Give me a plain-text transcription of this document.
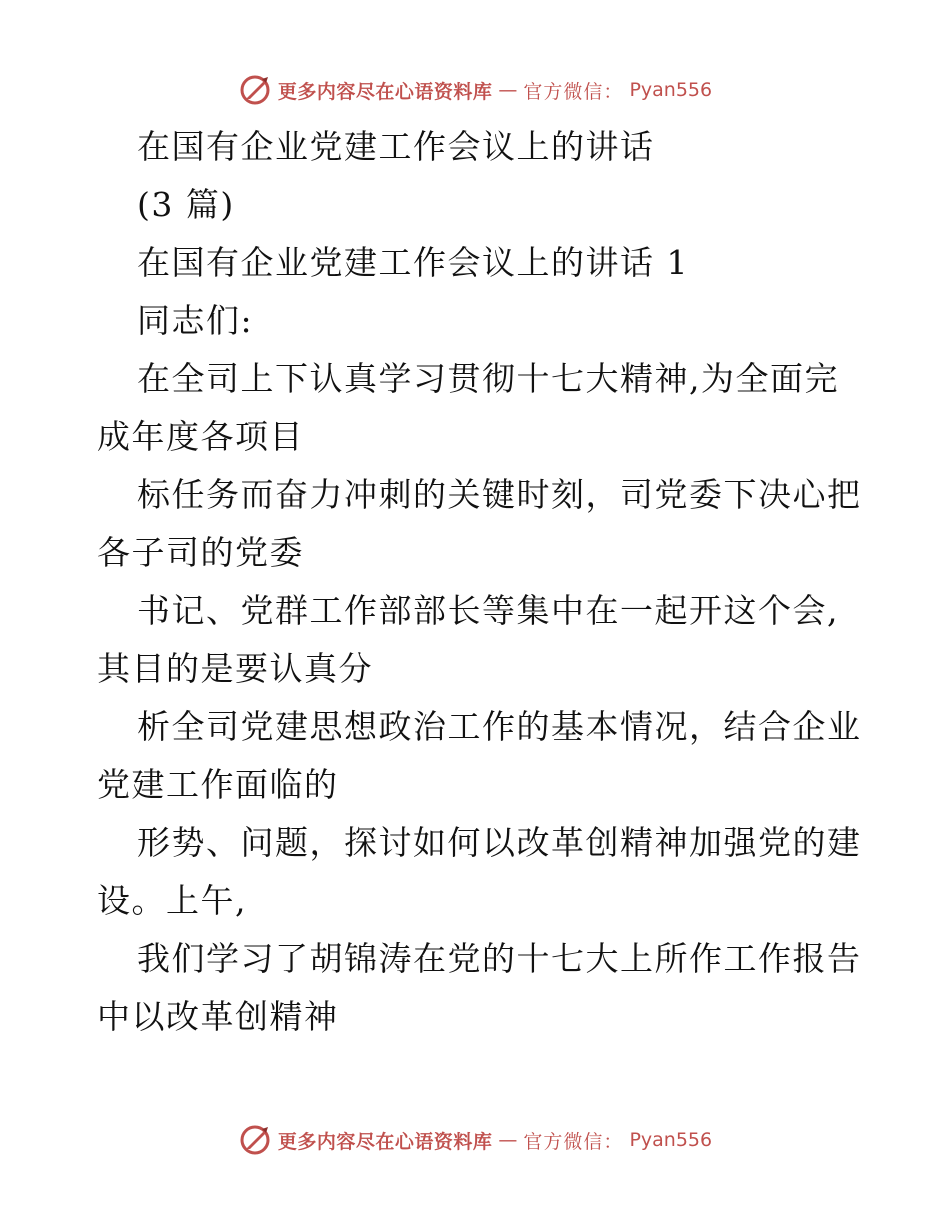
更多内容尽在心语资料库 — 官方微信： Pyan556
在国有企业党建工作会议上的讲话
(3 篇)
在国有企业党建工作会议上的讲话 1
同志们:
在全司上下认真学习贯彻十七大精神,为全面完
成年度各项目
标任务而奋力冲刺的关键时刻，司党委下决心把
各子司的党委
书记、党群工作部部长等集中在一起开这个会,
其目的是要认真分
析全司党建思想政治工作的基本情况，结合企业
党建工作面临的
形势、问题，探讨如何以改革创精神加强党的建
设。上午,
我们学习了胡锦涛在党的十七大上所作工作报告
中以改革创精神
更多内容尽在心语资料库 — 官方微信： Pyan556
